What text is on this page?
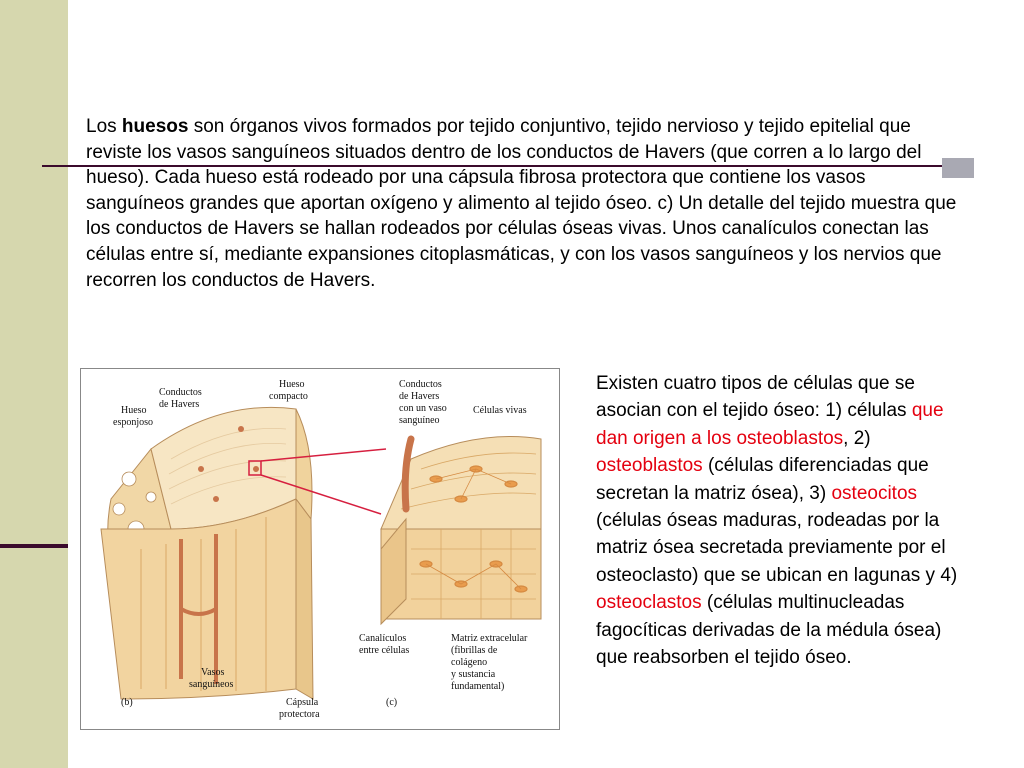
Los huesos son órganos vivos formados por tejido conjuntivo, tejido nervioso y tejido epitelial que reviste los vasos sanguíneos situados dentro de los conductos de Havers (que corren a lo largo del hueso). Cada hueso está rodeado por una cápsula fibrosa protectora que contiene los vasos sanguíneos grandes que aportan oxígeno y alimento al tejido óseo. c) Un detalle del tejido muestra que los conductos de Havers se hallan rodeados por células óseas vivas. Unos canalículos conectan las células entre sí, mediante expansiones citoplasmáticas, y con los vasos sanguíneos y los nervios que recorren los conductos de Havers.

Conductos
de Havers
Hueso
compacto
Hueso
esponjoso
Conductos
de Havers
con un vaso
sanguíneo
Células vivas
Canalículos
entre células
Matriz extracelular
(fibrillas de
colágeno
y sustancia
fundamental)
Vasos
sanguíneos
Cápsula
protectora
(b)	(c)

Existen cuatro tipos de células que se asocian con el tejido óseo: 1) células que dan origen a los osteoblastos, 2) osteoblastos (células diferenciadas que secretan la matriz ósea), 3) osteocitos (células óseas maduras, rodeadas por la matriz ósea secretada previamente por el osteoclasto) que se ubican en lagunas y 4) osteoclastos (células multinucleadas fagocíticas derivadas de la médula ósea) que reabsorben el tejido óseo.
